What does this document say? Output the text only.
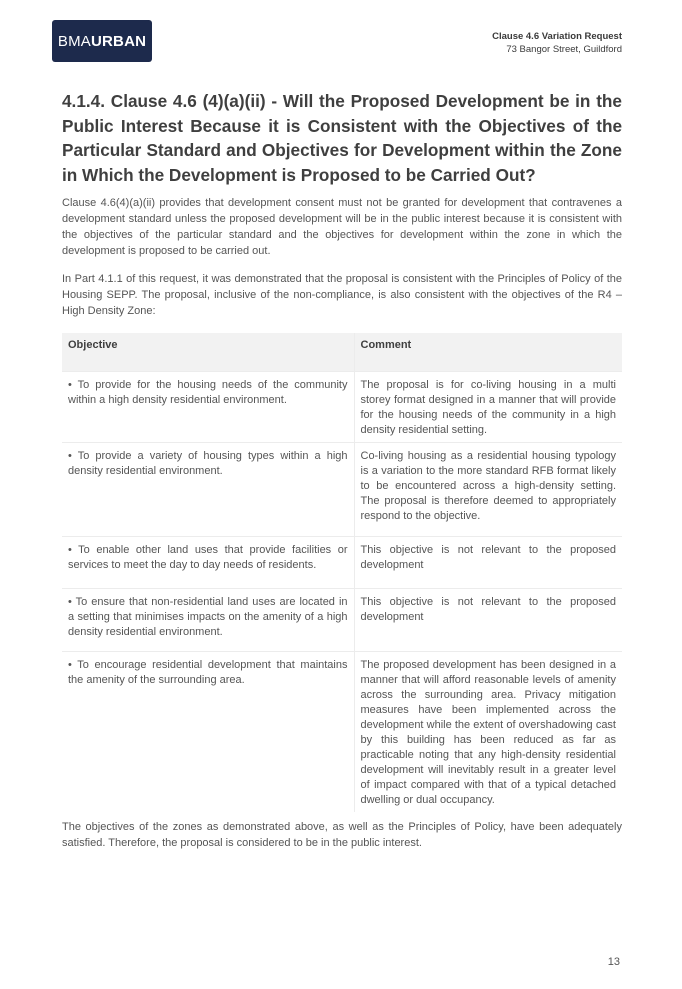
BMA URBAN	Clause 4.6 Variation Request
73 Bangor Street, Guildford
4.1.4. Clause 4.6 (4)(a)(ii) - Will the Proposed Development be in the Public Interest Because it is Consistent with the Objectives of the Particular Standard and Objectives for Development within the Zone in Which the Development is Proposed to be Carried Out?

Clause 4.6(4)(a)(ii) provides that development consent must not be granted for development that contravenes a development standard unless the proposed development will be in the public interest because it is consistent with the objectives of the particular standard and the objectives for development within the zone in which the development is proposed to be carried out.

In Part 4.1.1 of this request, it was demonstrated that the proposal is consistent with the Principles of Policy of the Housing SEPP. The proposal, inclusive of the non-compliance, is also consistent with the objectives of the R4 – High Density Zone:

Objective	Comment
• To provide for the housing needs of the community within a high density residential environment.	The proposal is for co-living housing in a multi storey format designed in a manner that will provide for the housing needs of the community in a high density residential setting.
• To provide a variety of housing types within a high density residential environment.	Co-living housing as a residential housing typology is a variation to the more standard RFB format likely to be encountered across a high-density setting. The proposal is therefore deemed to appropriately respond to the objective.
• To enable other land uses that provide facilities or services to meet the day to day needs of residents.	This objective is not relevant to the proposed development
• To ensure that non-residential land uses are located in a setting that minimises impacts on the amenity of a high density residential environment.	This objective is not relevant to the proposed development
• To encourage residential development that maintains the amenity of the surrounding area.	The proposed development has been designed in a manner that will afford reasonable levels of amenity across the surrounding area. Privacy mitigation measures have been implemented across the development while the extent of overshadowing cast by this building has been reduced as far as practicable noting that any high-density residential development will inevitably result in a greater level of impact compared with that of a typical detached dwelling or dual occupancy.

The objectives of the zones as demonstrated above, as well as the Principles of Policy, have been adequately satisfied. Therefore, the proposal is considered to be in the public interest.

13
